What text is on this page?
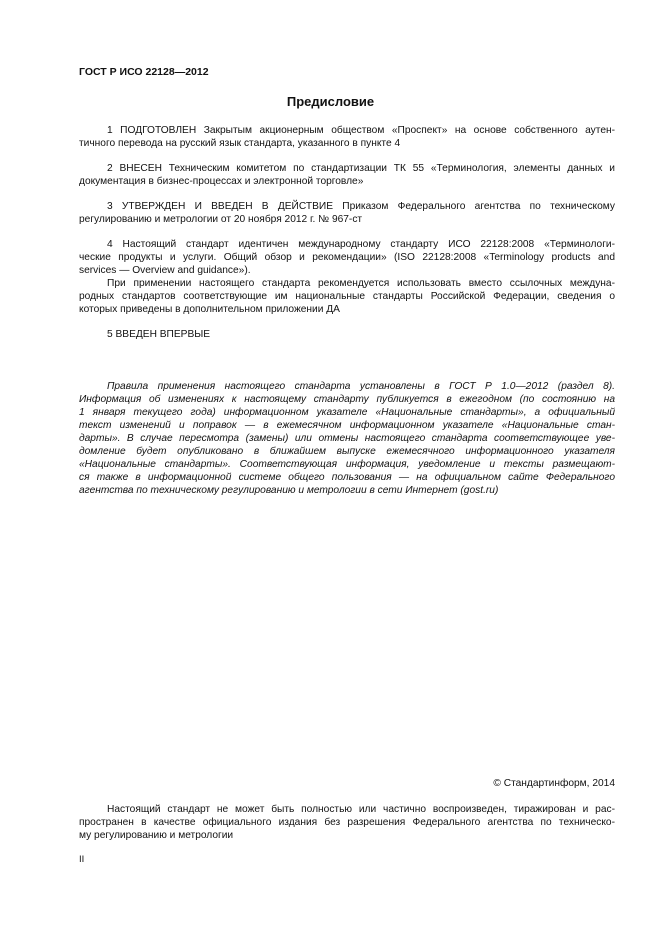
ГОСТ Р ИСО 22128—2012
Предисловие
1 ПОДГОТОВЛЕН Закрытым акционерным обществом «Проспект» на основе собственного аутен-
тичного перевода на русский язык стандарта, указанного в пункте 4
2 ВНЕСЕН Техническим комитетом по стандартизации ТК 55 «Терминология, элементы данных и
документация в бизнес-процессах и электронной торговле»
3 УТВЕРЖДЕН И ВВЕДЕН В ДЕЙСТВИЕ Приказом Федерального агентства по техническому
регулированию и метрологии от 20 ноября 2012 г. № 967-ст
4 Настоящий стандарт идентичен международному стандарту ИСО 22128:2008 «Терминологи-
ческие продукты и услуги. Общий обзор и рекомендации» (ISO 22128:2008 «Terminology products and
services — Overview and guidance»).
При применении настоящего стандарта рекомендуется использовать вместо ссылочных междуна-
родных стандартов соответствующие им национальные стандарты Российской Федерации, сведения о
которых приведены в дополнительном приложении ДА
5 ВВЕДЕН ВПЕРВЫЕ
Правила применения настоящего стандарта установлены в ГОСТ Р 1.0—2012 (раздел 8).
Информация об изменениях к настоящему стандарту публикуется в ежегодном (по состоянию на
1 января текущего года) информационном указателе «Национальные стандарты», а официальный
текст изменений и поправок — в ежемесячном информационном указателе «Национальные стан-
дарты». В случае пересмотра (замены) или отмены настоящего стандарта соответствующее уве-
домление будет опубликовано в ближайшем выпуске ежемесячного информационного указателя
«Национальные стандарты». Соответствующая информация, уведомление и тексты размещают-
ся также в информационной системе общего пользования — на официальном сайте Федерального
агентства по техническому регулированию и метрологии в сети Интернет (gost.ru)
© Стандартинформ, 2014
Настоящий стандарт не может быть полностью или частично воспроизведен, тиражирован и рас-
пространен в качестве официального издания без разрешения Федерального агентства по техническо-
му регулированию и метрологии
II
